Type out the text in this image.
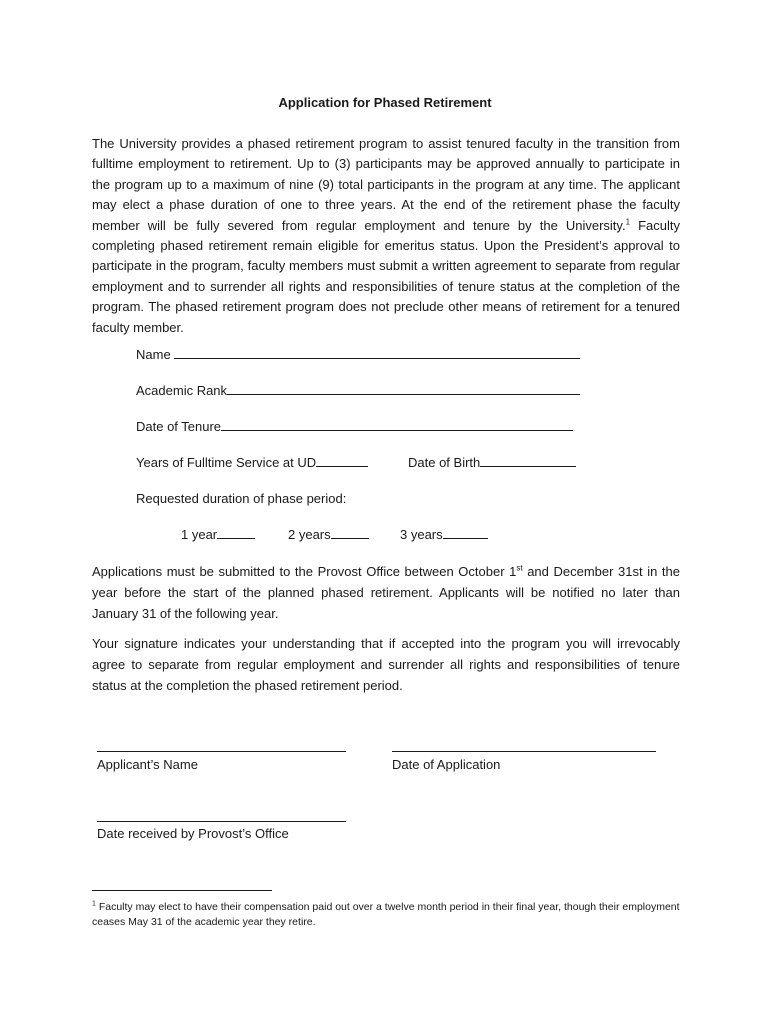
Application for Phased Retirement

The University provides a phased retirement program to assist tenured faculty in the transition from fulltime employment to retirement. Up to (3) participants may be approved annually to participate in the program up to a maximum of nine (9) total participants in the program at any time. The applicant may elect a phase duration of one to three years. At the end of the retirement phase the faculty member will be fully severed from regular employment and tenure by the University.$^1$ Faculty completing phased retirement remain eligible for emeritus status. Upon the President’s approval to participate in the program, faculty members must submit a written agreement to separate from regular employment and to surrender all rights and responsibilities of tenure status at the completion of the program. The phased retirement program does not preclude other means of retirement for a tenured faculty member.

Name
Academic Rank
Date of Tenure
Years of Fulltime Service at UD	Date of Birth
Requested duration of phase period:
1 year	2 years	3 years

Applications must be submitted to the Provost Office between October 1st and December 31st in the year before the start of the planned phased retirement. Applicants will be notified no later than January 31 of the following year.

Your signature indicates your understanding that if accepted into the program you will irrevocably agree to separate from regular employment and surrender all rights and responsibilities of tenure status at the completion the phased retirement period.

Applicant’s Name	Date of Application
Date received by Provost’s Office

$^1$ Faculty may elect to have their compensation paid out over a twelve month period in their final year, though their employment ceases May 31 of the academic year they retire.
